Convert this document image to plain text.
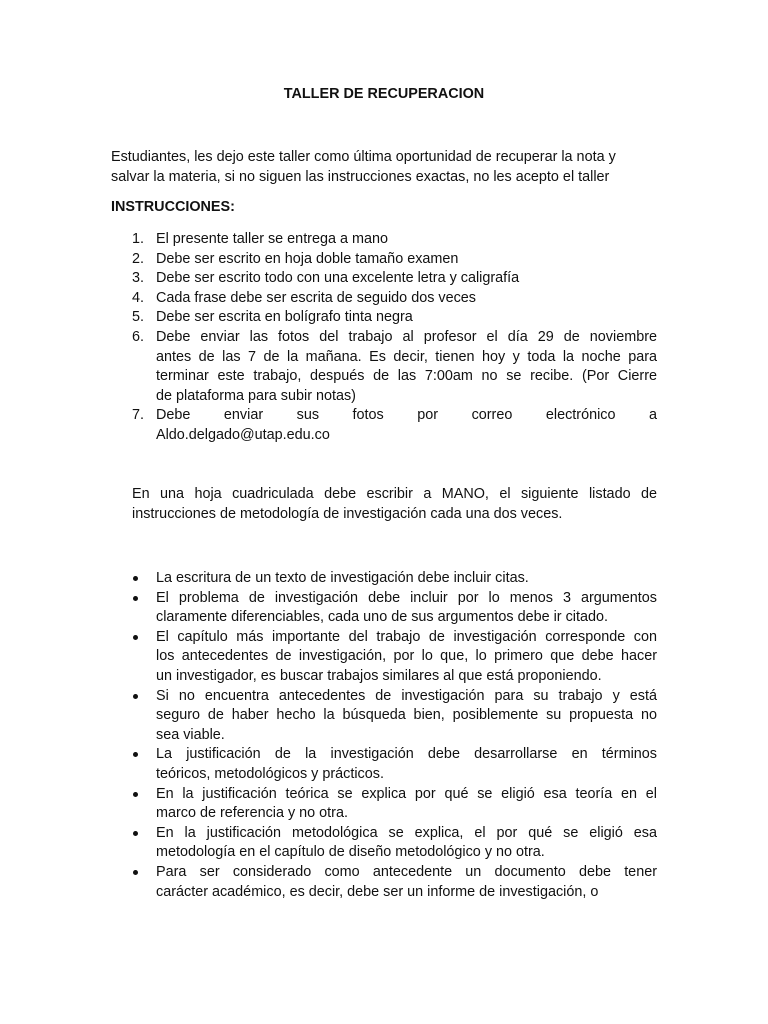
TALLER DE RECUPERACION

Estudiantes, les dejo este taller como última oportunidad de recuperar la nota y
salvar la materia, si no siguen las instrucciones exactas, no les acepto el taller

INSTRUCCIONES:

1. El presente taller se entrega a mano
2. Debe ser escrito en hoja doble tamaño examen
3. Debe ser escrito todo con una excelente letra y caligrafía
4. Cada frase debe ser escrita de seguido dos veces
5. Debe ser escrita en bolígrafo tinta negra
6. Debe enviar las fotos del trabajo al profesor el día 29 de noviembre
antes de las 7 de la mañana. Es decir, tienen hoy y toda la noche para
terminar este trabajo, después de las 7:00am no se recibe. (Por Cierre
de plataforma para subir notas)
7. Debe enviar sus fotos por correo electrónico a
Aldo.delgado@utap.edu.co

En una hoja cuadriculada debe escribir a MANO, el siguiente listado de
instrucciones de metodología de investigación cada una dos veces.

La escritura de un texto de investigación debe incluir citas.
El problema de investigación debe incluir por lo menos 3 argumentos
claramente diferenciables, cada uno de sus argumentos debe ir citado.
El capítulo más importante del trabajo de investigación corresponde con
los antecedentes de investigación, por lo que, lo primero que debe hacer
un investigador, es buscar trabajos similares al que está proponiendo.
Si no encuentra antecedentes de investigación para su trabajo y está
seguro de haber hecho la búsqueda bien, posiblemente su propuesta no
sea viable.
La justificación de la investigación debe desarrollarse en términos
teóricos, metodológicos y prácticos.
En la justificación teórica se explica por qué se eligió esa teoría en el
marco de referencia y no otra.
En la justificación metodológica se explica, el por qué se eligió esa
metodología en el capítulo de diseño metodológico y no otra.
Para ser considerado como antecedente un documento debe tener
carácter académico, es decir, debe ser un informe de investigación, o
